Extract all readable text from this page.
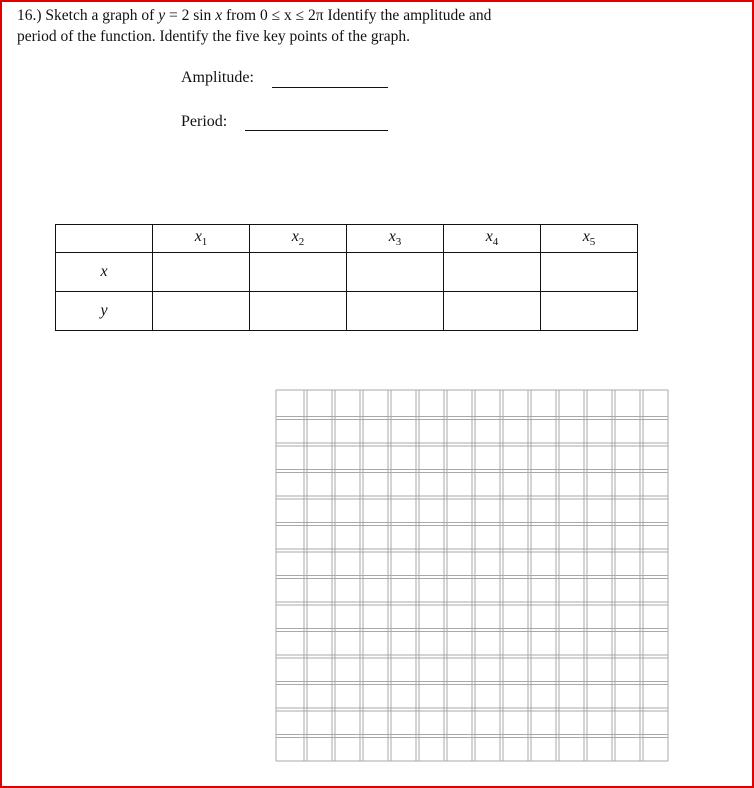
16.) Sketch a graph of y = 2 sin x from 0 ≤ x ≤ 2π Identify the amplitude and
period of the function. Identify the five key points of the graph.
Amplitude:
Period:
	$x_1$	$x_2$	$x_3$	$x_4$	$x_5$
x					
y					
